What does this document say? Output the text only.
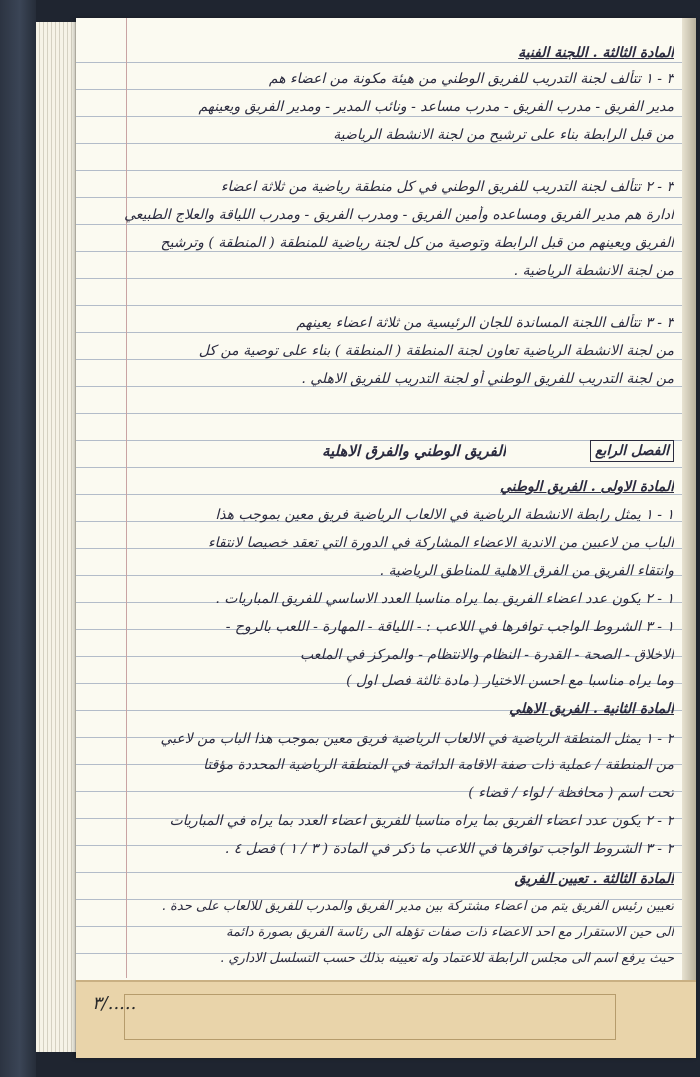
المادة الثالثة . اللجنة الفنية
٣ - ١ تتألف لجنة التدريب للفريق الوطني من هيئة مكونة من اعضاء هم
مدير الفريق - مدرب الفريق - مدرب مساعد - ونائب المدير - ومدير الفريق ويعينهم
من قبل الرابطة بناء على ترشيح من لجنة الانشطة الرياضية
٣ - ٢ تتألف لجنة التدريب للفريق الوطني في كل منطقة رياضية من ثلاثة اعضاء
ادارة هم مدير الفريق ومساعده وأمين الفريق - ومدرب الفريق - ومدرب اللياقة والعلاج الطبيعي
الفريق ويعينهم من قبل الرابطة وتوصية من كل لجنة رياضية للمنطقة ( المنطقة ) وترشيح
من لجنة الانشطة الرياضية .
٣ - ٣ تتألف اللجنة المساندة للجان الرئيسية من ثلاثة اعضاء يعينهم
من لجنة الانشطة الرياضية تعاون لجنة المنطقة ( المنطقة ) بناء على توصية من كل
من لجنة التدريب للفريق الوطني أو لجنة التدريب للفريق الاهلي .
الفصل الرابع
الفريق الوطني والفرق الاهلية
المادة الاولى . الفريق الوطني
١ - ١ يمثل رابطة الانشطة الرياضية في الالعاب الرياضية فريق معين بموجب هذا
الباب من لاعبين من الاندية الاعضاء المشاركة في الدورة التي تعقد خصيصا لانتقاء
وانتقاء الفريق من الفرق الاهلية للمناطق الرياضية .
١ - ٢ يكون عدد اعضاء الفريق بما يراه مناسبا العدد الاساسي للفريق المباريات .
١ - ٣ الشروط الواجب توافرها في اللاعب : - اللياقة - المهارة - اللعب بالروح -
الاخلاق - الصحة - القدرة - النظام والانتظام - والمركز في الملعب
وما يراه مناسبا مع احسن الاختيار ( مادة ثالثة فصل اول )
المادة الثانية . الفريق الاهلي
٢ - ١ يمثل المنطقة الرياضية في الالعاب الرياضية فريق معين بموجب هذا الباب من لاعبي
من المنطقة / عملية ذات صفة الاقامة الدائمة في المنطقة الرياضية المحددة مؤقتا
تحت اسم ( محافظة / لواء / قضاء )
٢ - ٢ يكون عدد اعضاء الفريق بما يراه مناسبا للفريق اعضاء العدد بما يراه في المباريات
٢ - ٣ الشروط الواجب توافرها في اللاعب ما ذكر في المادة ( ٣ / ١ ) فصل ٤ .
المادة الثالثة . تعيين الفريق
تعيين رئيس الفريق يتم من اعضاء مشتركة بين مدير الفريق والمدرب للفريق للالعاب على حدة .
الى حين الاستقرار مع احد الاعضاء ذات صفات تؤهله الى رئاسة الفريق بصورة دائمة
حيث يرفع اسم الى مجلس الرابطة للاعتماد وله تعيينه بذلك حسب التسلسل الاداري .
٣/.....
